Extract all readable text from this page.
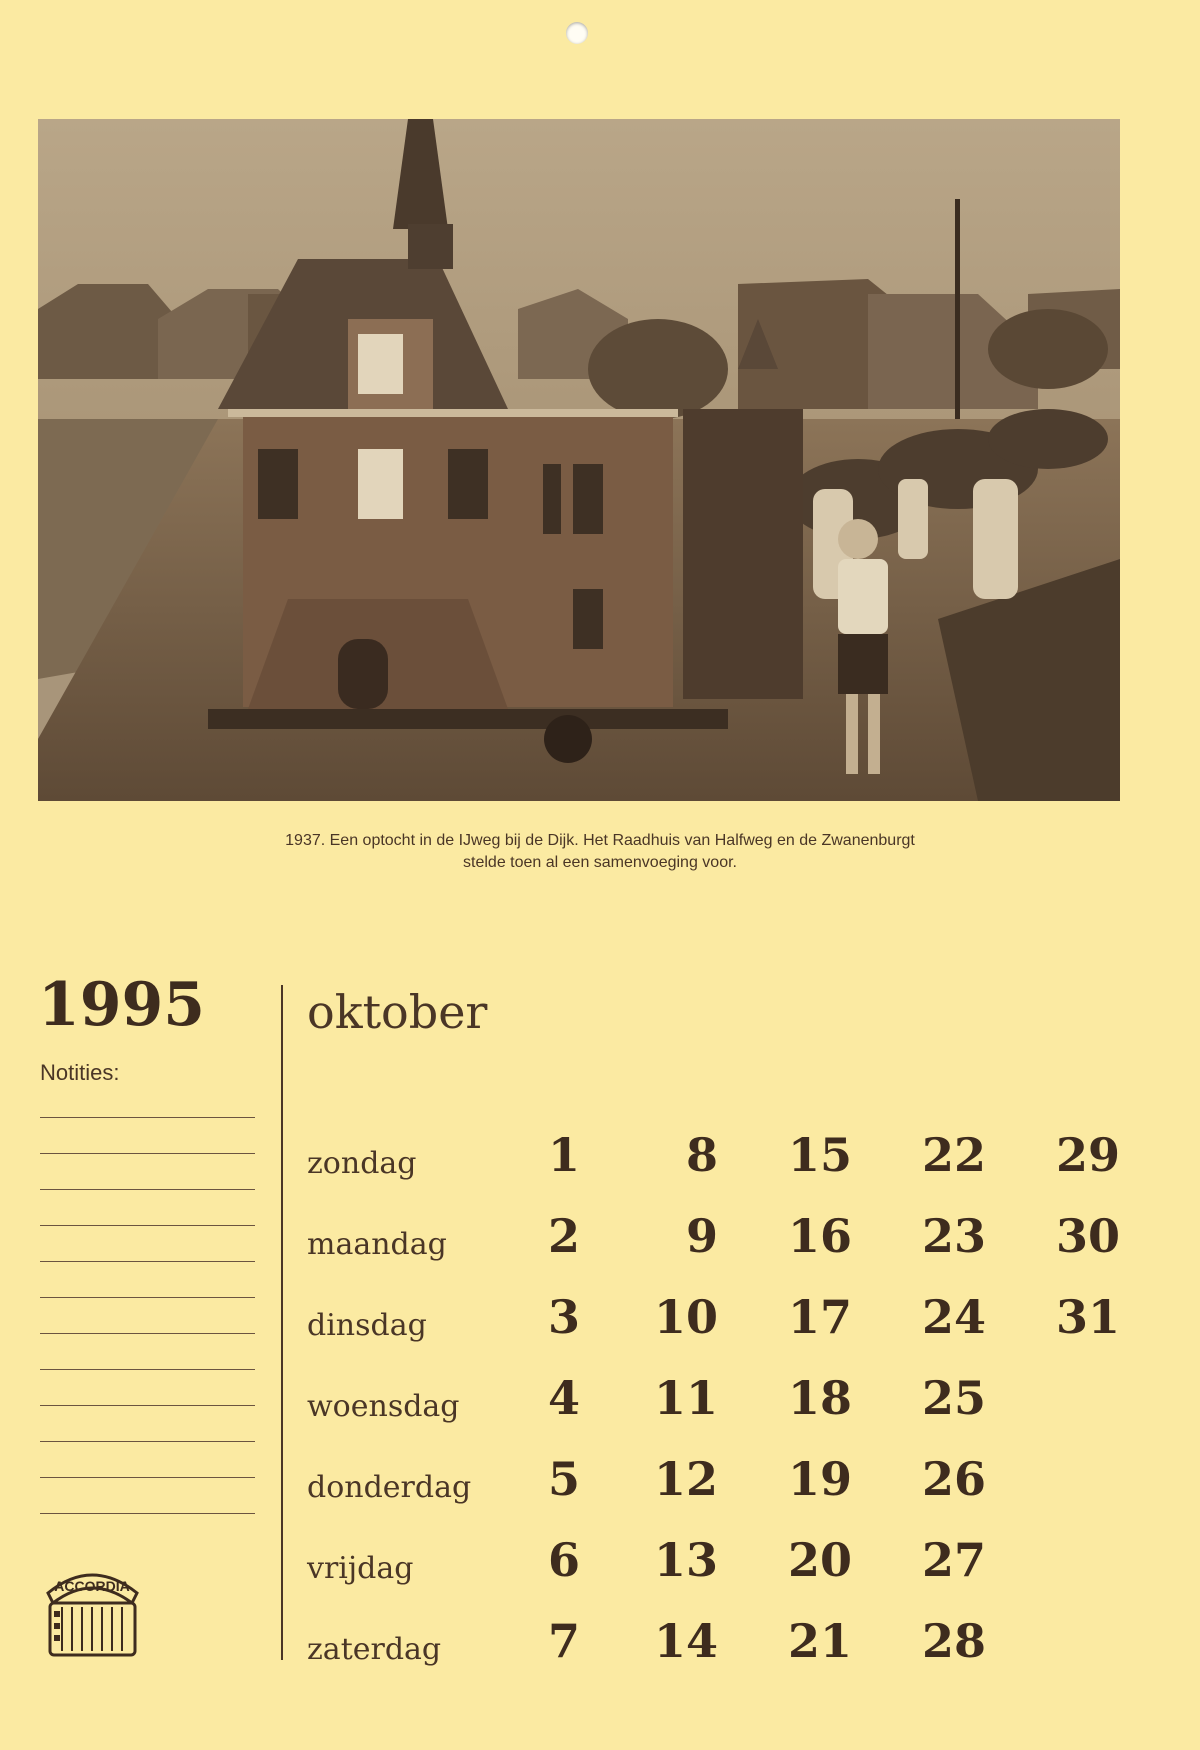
1937. Een optocht in de IJweg bij de Dijk. Het Raadhuis van Halfweg en de Zwanenburgt
stelde toen al een samenvoeging voor.
1995
Notities:
oktober
zondag	1	8	15	22	29
maandag	2	9	16	23	30
dinsdag	3	10	17	24	31
woensdag	4	11	18	25
donderdag	5	12	19	26
vrijdag	6	13	20	27
zaterdag	7	14	21	28
ACCORDIA
